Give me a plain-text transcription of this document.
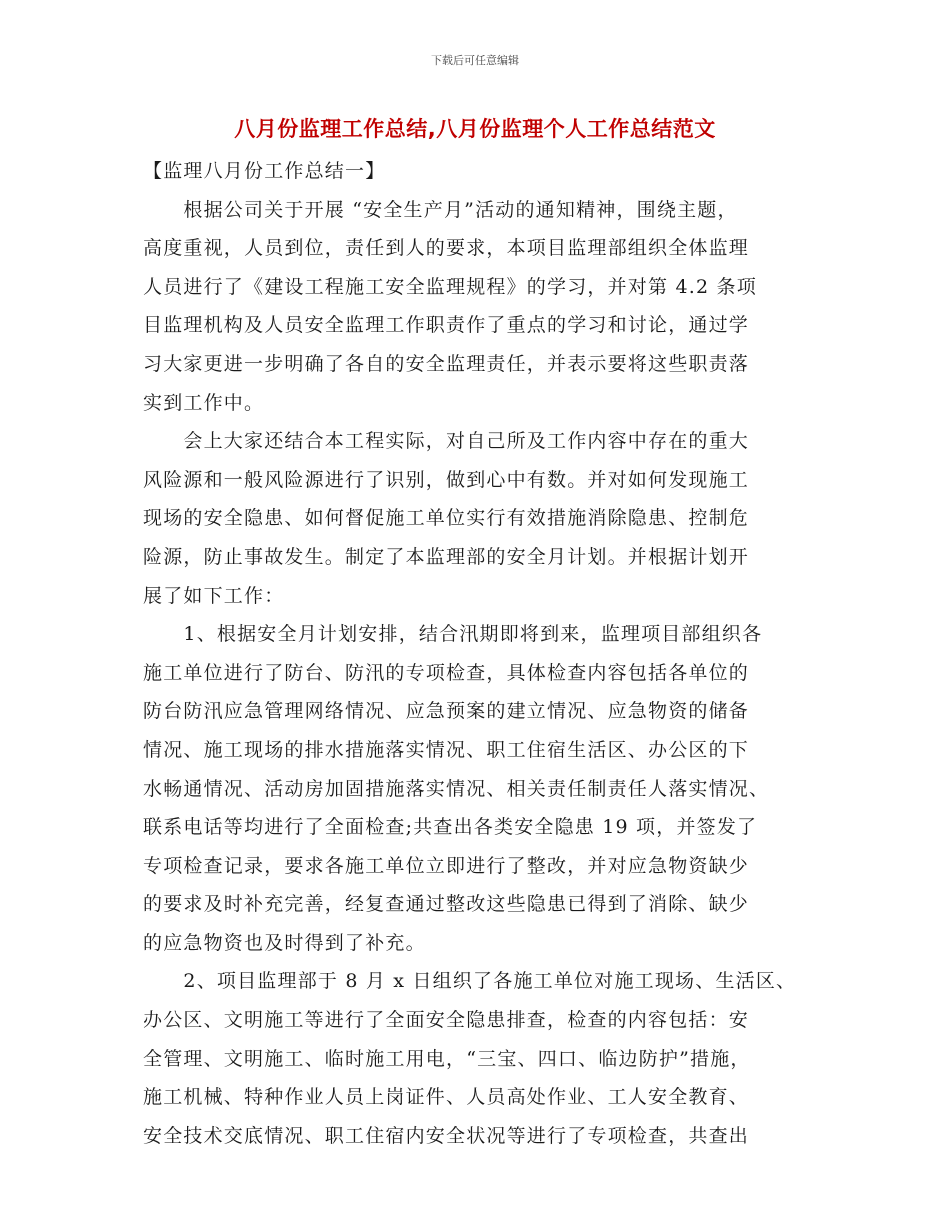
下载后可任意编辑
八月份监理工作总结,八月份监理个人工作总结范文
【监理八月份工作总结一】
　　根据公司关于开展 “安全生产月”活动的通知精神，围绕主题，
高度重视，人员到位，责任到人的要求，本项目监理部组织全体监理
人员进行了《建设工程施工安全监理规程》的学习，并对第 4.2 条项
目监理机构及人员安全监理工作职责作了重点的学习和讨论，通过学
习大家更进一步明确了各自的安全监理责任，并表示要将这些职责落
实到工作中。
　　会上大家还结合本工程实际，对自己所及工作内容中存在的重大
风险源和一般风险源进行了识别，做到心中有数。并对如何发现施工
现场的安全隐患、如何督促施工单位实行有效措施消除隐患、控制危
险源，防止事故发生。制定了本监理部的安全月计划。并根据计划开
展了如下工作：
　　1、根据安全月计划安排，结合汛期即将到来，监理项目部组织各
施工单位进行了防台、防汛的专项检查，具体检查内容包括各单位的
防台防汛应急管理网络情况、应急预案的建立情况、应急物资的储备
情况、施工现场的排水措施落实情况、职工住宿生活区、办公区的下
水畅通情况、活动房加固措施落实情况、相关责任制责任人落实情况、
联系电话等均进行了全面检查;共查出各类安全隐患 19 项，并签发了
专项检查记录，要求各施工单位立即进行了整改，并对应急物资缺少
的要求及时补充完善，经复查通过整改这些隐患已得到了消除、缺少
的应急物资也及时得到了补充。
　　2、项目监理部于 8 月 x 日组织了各施工单位对施工现场、生活区、
办公区、文明施工等进行了全面安全隐患排查，检查的内容包括：安
全管理、文明施工、临时施工用电，“三宝、四口、临边防护”措施，
施工机械、特种作业人员上岗证件、人员高处作业、工人安全教育、
安全技术交底情况、职工住宿内安全状况等进行了专项检查，共查出
